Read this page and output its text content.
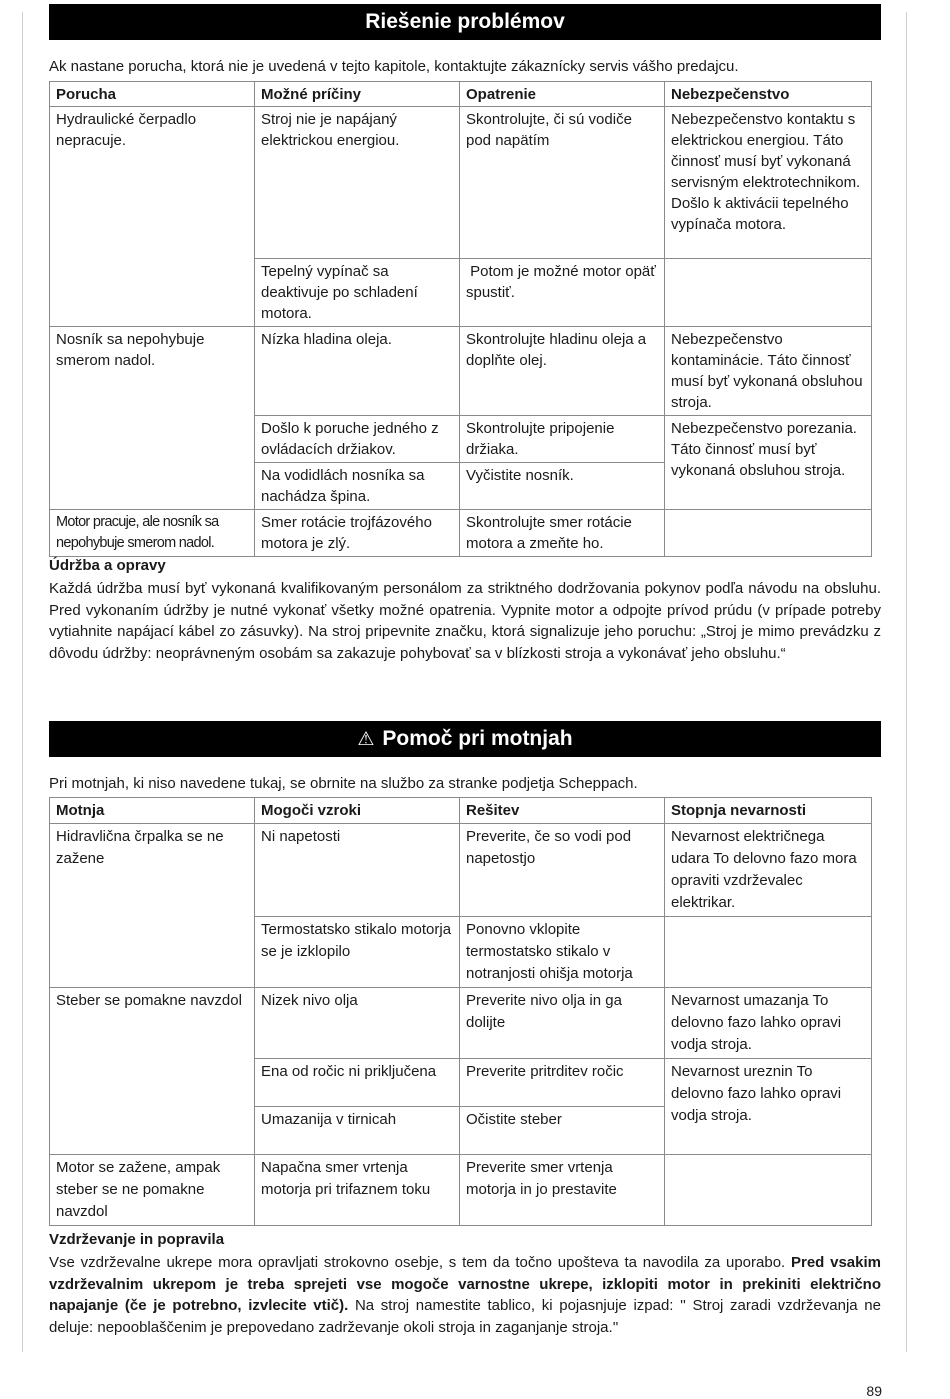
Riešenie problémov
Ak nastane porucha, ktorá nie je uvedená v tejto kapitole, kontaktujte zákaznícky servis vášho predajcu.
Porucha	Možné príčiny	Opatrenie	Nebezpečenstvo
Hydraulické čerpadlo nepracuje.	Stroj nie je napájaný elektrickou energiou.	Skontrolujte, či sú vodiče pod napätím	Nebezpečenstvo kontaktu s elektrickou energiou. Táto činnosť musí byť vykonaná servisným elektrotechnikom. Došlo k aktivácii tepelného vypínača motora.
	Tepelný vypínač sa deaktivuje po schladení motora.	Potom je možné motor opäť spustiť.	
Nosník sa nepohybuje smerom nadol.	Nízka hladina oleja.	Skontrolujte hladinu oleja a doplňte olej.	Nebezpečenstvo kontaminácie. Táto činnosť musí byť vykonaná obsluhou stroja.
	Došlo k poruche jedného z ovládacích držiakov.	Skontrolujte pripojenie držiaka.	Nebezpečenstvo porezania. Táto činnosť musí byť vykonaná obsluhou stroja.
	Na vodidlách nosníka sa nachádza špina.	Vyčistite nosník.	
Motor pracuje, ale nosník sa nepohybuje smerom nadol.	Smer rotácie trojfázového motora je zlý.	Skontrolujte smer rotácie motora a zmeňte ho.	
Údržba a opravy
Každá údržba musí byť vykonaná kvalifikovaným personálom za striktného dodržovania pokynov podľa návodu na obsluhu. Pred vykonaním údržby je nutné vykonať všetky možné opatrenia. Vypnite motor a odpojte prívod prúdu (v prípade potreby vytiahnite napájací kábel zo zásuvky). Na stroj pripevnite značku, ktorá signalizuje jeho poruchu: „Stroj je mimo prevádzku z dôvodu údržby: neoprávneným osobám sa zakazuje pohybovať sa v blízkosti stroja a vykonávať jeho obsluhu.“
⚠ Pomoč pri motnjah
Pri motnjah, ki niso navedene tukaj, se obrnite na službo za stranke podjetja Scheppach.
Motnja	Mogoči vzroki	Rešitev	Stopnja nevarnosti
Hidravlična črpalka se ne zažene	Ni napetosti	Preverite, če so vodi pod napetostjo	Nevarnost električnega udara To delovno fazo mora opraviti vzdrževalec elektrikar.
	Termostatsko stikalo motorja se je izklopilo	Ponovno vklopite termostatsko stikalo v notranjosti ohišja motorja	
Steber se pomakne navzdol	Nizek nivo olja	Preverite nivo olja in ga dolijte	Nevarnost umazanja To delovno fazo lahko opravi vodja stroja.
	Ena od ročic ni priključena	Preverite pritrditev ročic	Nevarnost ureznin To delovno fazo lahko opravi vodja stroja.
	Umazanija v tirnicah	Očistite steber	
Motor se zažene, ampak steber se ne pomakne navzdol	Napačna smer vrtenja motorja pri trifaznem toku	Preverite smer vrtenja motorja in jo prestavite	
Vzdrževanje in popravila
Vse vzdrževalne ukrepe mora opravljati strokovno osebje, s tem da točno upošteva ta navodila za uporabo. Pred vsakim vzdrževalnim ukrepom je treba sprejeti vse mogoče varnostne ukrepe, izklopiti motor in prekiniti električno napajanje (če je potrebno, izvlecite vtič). Na stroj namestite tablico, ki pojasnjuje izpad: '' Stroj zaradi vzdrževanja ne deluje: nepooblaščenim je prepovedano zadrževanje okoli stroja in zaganjanje stroja.''
89
